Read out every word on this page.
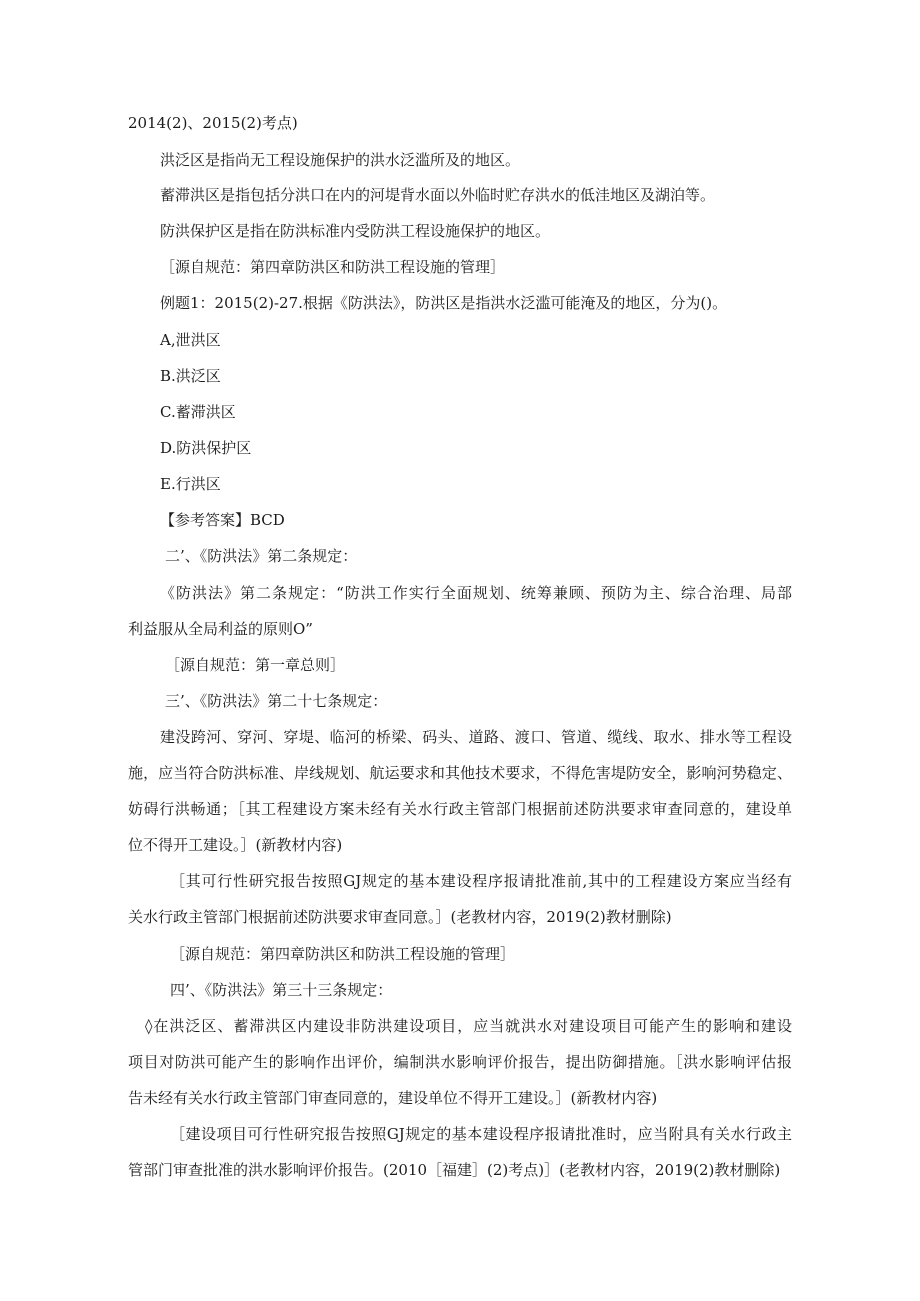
2014(2)、2015(2)考点)
洪泛区是指尚无工程设施保护的洪水泛滥所及的地区。
蓄滞洪区是指包括分洪口在内的河堤背水面以外临时贮存洪水的低洼地区及湖泊等。
防洪保护区是指在防洪标准内受防洪工程设施保护的地区。
［源自规范：第四章防洪区和防洪工程设施的管理］
例题1：2015(2)-27.根据《防洪法》，防洪区是指洪水泛滥可能淹及的地区，分为()。
A,泄洪区
B.洪泛区
C.蓄滞洪区
D.防洪保护区
E.行洪区
【参考答案】BCD
二’、《防洪法》第二条规定：
《防洪法》第二条规定：“防洪工作实行全面规划、统筹兼顾、预防为主、综合治理、局部
利益服从全局利益的原则O”
［源自规范：第一章总则］
三’、《防洪法》第二十七条规定：
建没跨河、穿河、穿堤、临河的桥梁、码头、道路、渡口、管道、缆线、取水、排水等工程设
施，应当符合防洪标准、岸线规划、航运要求和其他技术要求，不得危害堤防安全，影响河势稳定、
妨碍行洪畅通；［其工程建设方案未经有关水行政主管部门根据前述防洪要求审查同意的，建设单
位不得开工建设。］(新教材内容)
［其可行性研究报告按照GJ规定的基本建设程序报请批准前,其中的工程建设方案应当经有
关水行政主管部门根据前述防洪要求审查同意。］(老教材内容，2019(2)教材删除)
［源自规范：第四章防洪区和防洪工程设施的管理］
四’、《防洪法》第三十三条规定：
◊在洪泛区、蓄滞洪区内建设非防洪建设项目，应当就洪水对建设项目可能产生的影响和建设
项目对防洪可能产生的影响作出评价，编制洪水影响评价报告，提出防御措施。［洪水影响评估报
告未经有关水行政主管部门审查同意的，建设单位不得开工建设。］(新教材内容)
［建设项目可行性研究报告按照GJ规定的基本建设程序报请批准时，应当附具有关水行政主
管部门审查批准的洪水影响评价报告。(2010［福建］(2)考点)］(老教材内容，2019(2)教材删除)
